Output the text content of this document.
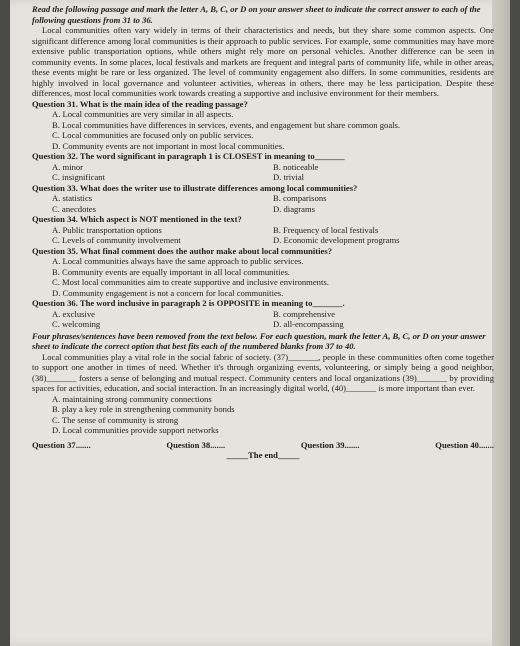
Read the following passage and mark the letter A, B, C, or D on your answer sheet to indicate the correct answer to each of the following questions from 31 to 36.

Local communities often vary widely in terms of their characteristics and needs, but they share some common aspects. One significant difference among local communities is their approach to public services. For example, some communities may have more extensive public transportation options, while others might rely more on personal vehicles. Another difference can be seen in community events. In some places, local festivals and markets are frequent and integral parts of community life, while in other areas, these events might be rare or less organized. The level of community engagement also differs. In some communities, residents are highly involved in local governance and volunteer activities, whereas in others, there may be less participation. Despite these differences, most local communities work towards creating a supportive and inclusive environment for their members.

Question 31. What is the main idea of the reading passage?

A. Local communities are very similar in all aspects.

B. Local communities have differences in services, events, and engagement but share common goals.

C. Local communities are focused only on public services.

D. Community events are not important in most local communities.

Question 32. The word significant in paragraph 1 is CLOSEST in meaning to_______

A. minor	B. noticeable
C. insignificant	D. trivial

Question 33. What does the writer use to illustrate differences among local communities?

A. statistics	B. comparisons
C. anecdotes	D. diagrams

Question 34. Which aspect is NOT mentioned in the text?

A. Public transportation options	B. Frequency of local festivals
C. Levels of community involvement	D. Economic development programs

Question 35. What final comment does the author make about local communities?

A. Local communities always have the same approach to public services.

B. Community events are equally important in all local communities.

C. Most local communities aim to create supportive and inclusive environments.

D. Community engagement is not a concern for local communities.

Question 36. The word inclusive in paragraph 2 is OPPOSITE in meaning to_______.

A. exclusive	B. comprehensive
C. welcoming	D. all-encompassing

Four phrases/sentences have been removed from the text below. For each question, mark the letter A, B, C, or D on your answer sheet to indicate the correct option that best fits each of the numbered blanks from 37 to 40.

Local communities play a vital role in the social fabric of society. (37)_______, people in these communities often come together to support one another in times of need. Whether it's through organizing events, volunteering, or simply being a good neighbor, (38)_______ fosters a sense of belonging and mutual respect. Community centers and local organizations (39)_______ by providing spaces for activities, education, and social interaction. In an increasingly digital world, (40)_______ is more important than ever.

A. maintaining strong community connections

B. play a key role in strengthening community bonds

C. The sense of community is strong

D. Local communities provide support networks

Question 37.......	Question 38.......	Question 39.......	Question 40.......

_____The end_____
